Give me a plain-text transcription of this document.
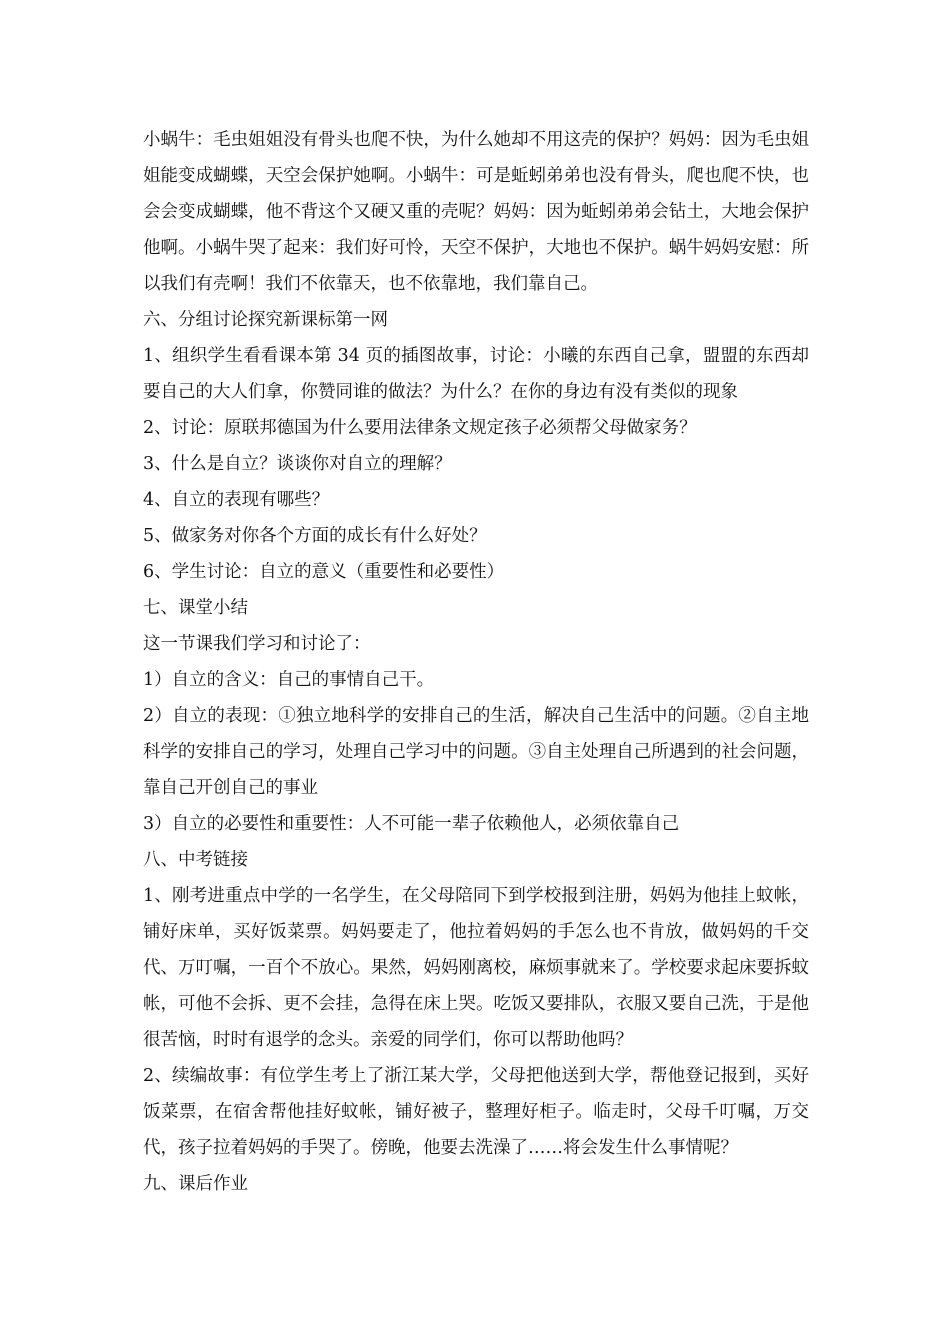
小蜗牛：毛虫姐姐没有骨头也爬不快，为什么她却不用这壳的保护？妈妈：因为毛虫姐姐能变成蝴蝶，天空会保护她啊。小蜗牛：可是蚯蚓弟弟也没有骨头，爬也爬不快，也会会变成蝴蝶，他不背这个又硬又重的壳呢？妈妈：因为蚯蚓弟弟会钻土，大地会保护他啊。小蜗牛哭了起来：我们好可怜，天空不保护，大地也不保护。蜗牛妈妈安慰：所以我们有壳啊！我们不依靠天，也不依靠地，我们靠自己。

六、分组讨论探究新课标第一网

1、组织学生看看课本第 34 页的插图故事，讨论：小曦的东西自己拿，盟盟的东西却要自己的大人们拿，你赞同谁的做法？为什么？在你的身边有没有类似的现象

2、讨论：原联邦德国为什么要用法律条文规定孩子必须帮父母做家务？

3、什么是自立？谈谈你对自立的理解？

4、自立的表现有哪些？

5、做家务对你各个方面的成长有什么好处？

6、学生讨论：自立的意义（重要性和必要性）

七、课堂小结

这一节课我们学习和讨论了：

1）自立的含义：自己的事情自己干。

2）自立的表现：①独立地科学的安排自己的生活，解决自己生活中的问题。②自主地科学的安排自己的学习，处理自己学习中的问题。③自主处理自己所遇到的社会问题，靠自己开创自己的事业

3）自立的必要性和重要性：人不可能一辈子依赖他人，必须依靠自己

八、中考链接

1、刚考进重点中学的一名学生，在父母陪同下到学校报到注册，妈妈为他挂上蚊帐，铺好床单，买好饭菜票。妈妈要走了，他拉着妈妈的手怎么也不肯放，做妈妈的千交代、万叮嘱，一百个不放心。果然，妈妈刚离校，麻烦事就来了。学校要求起床要拆蚊帐，可他不会拆、更不会挂，急得在床上哭。吃饭又要排队，衣服又要自己洗，于是他很苦恼，时时有退学的念头。亲爱的同学们，你可以帮助他吗？

2、续编故事：有位学生考上了浙江某大学，父母把他送到大学，帮他登记报到，买好饭菜票，在宿舍帮他挂好蚊帐，铺好被子，整理好柜子。临走时，父母千叮嘱，万交代，孩子拉着妈妈的手哭了。傍晚，他要去洗澡了……将会发生什么事情呢？

九、课后作业
